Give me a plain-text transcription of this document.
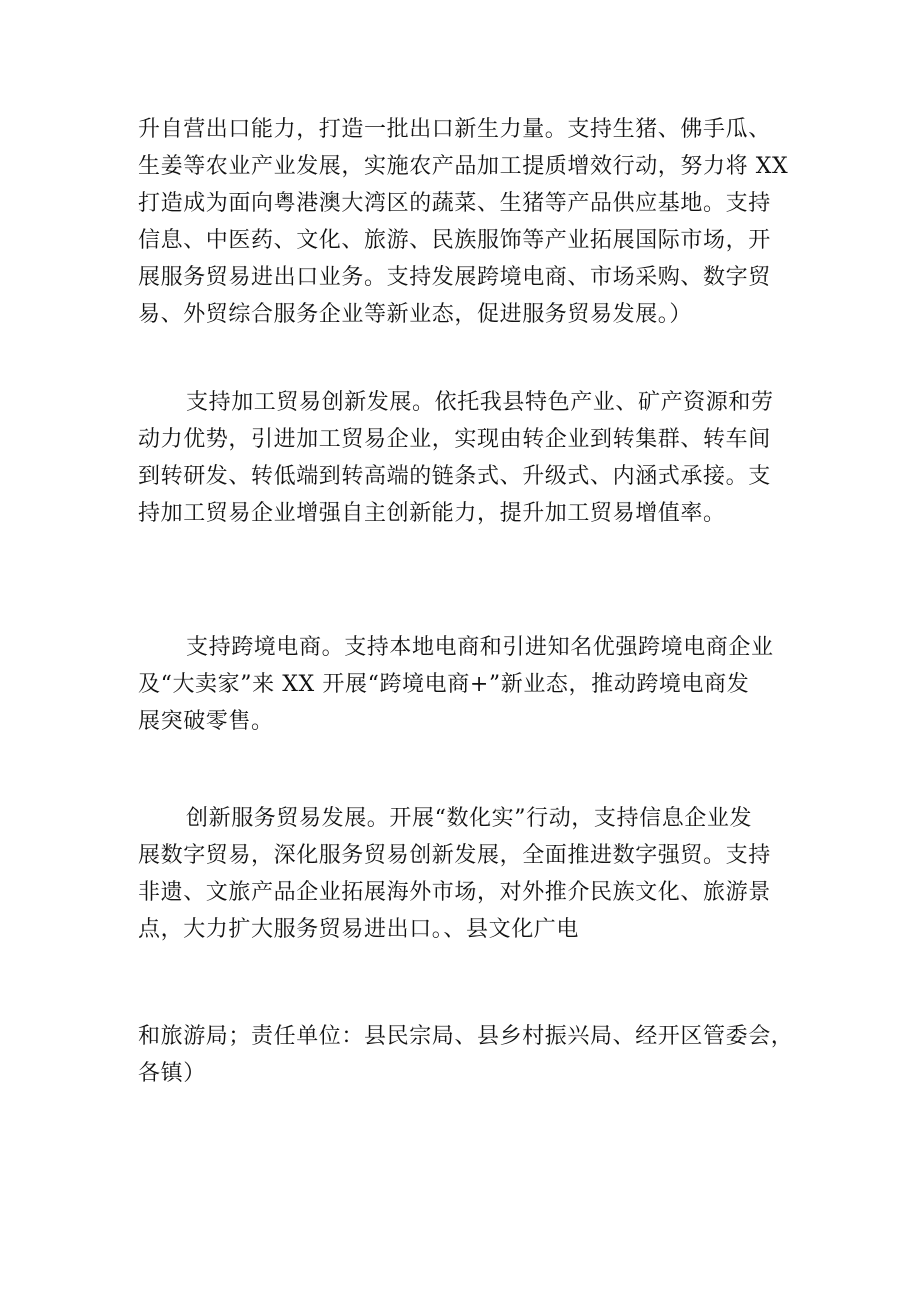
升自营出口能力，打造一批出口新生力量。支持生猪、佛手瓜、
生姜等农业产业发展，实施农产品加工提质增效行动，努力将 XX
打造成为面向粤港澳大湾区的蔬菜、生猪等产品供应基地。支持
信息、中医药、文化、旅游、民族服饰等产业拓展国际市场，开
展服务贸易进出口业务。支持发展跨境电商、市场采购、数字贸
易、外贸综合服务企业等新业态，促进服务贸易发展。）
支持加工贸易创新发展。依托我县特色产业、矿产资源和劳
动力优势，引进加工贸易企业，实现由转企业到转集群、转车间
到转研发、转低端到转高端的链条式、升级式、内涵式承接。支
持加工贸易企业增强自主创新能力，提升加工贸易增值率。
支持跨境电商。支持本地电商和引进知名优强跨境电商企业
及“大卖家”来 XX 开展“跨境电商+”新业态，推动跨境电商发
展突破零售。
创新服务贸易发展。开展“数化实”行动，支持信息企业发
展数字贸易，深化服务贸易创新发展，全面推进数字强贸。支持
非遗、文旅产品企业拓展海外市场，对外推介民族文化、旅游景
点，大力扩大服务贸易进出口。、县文化广电
和旅游局；责任单位：县民宗局、县乡村振兴局、经开区管委会，
各镇）
